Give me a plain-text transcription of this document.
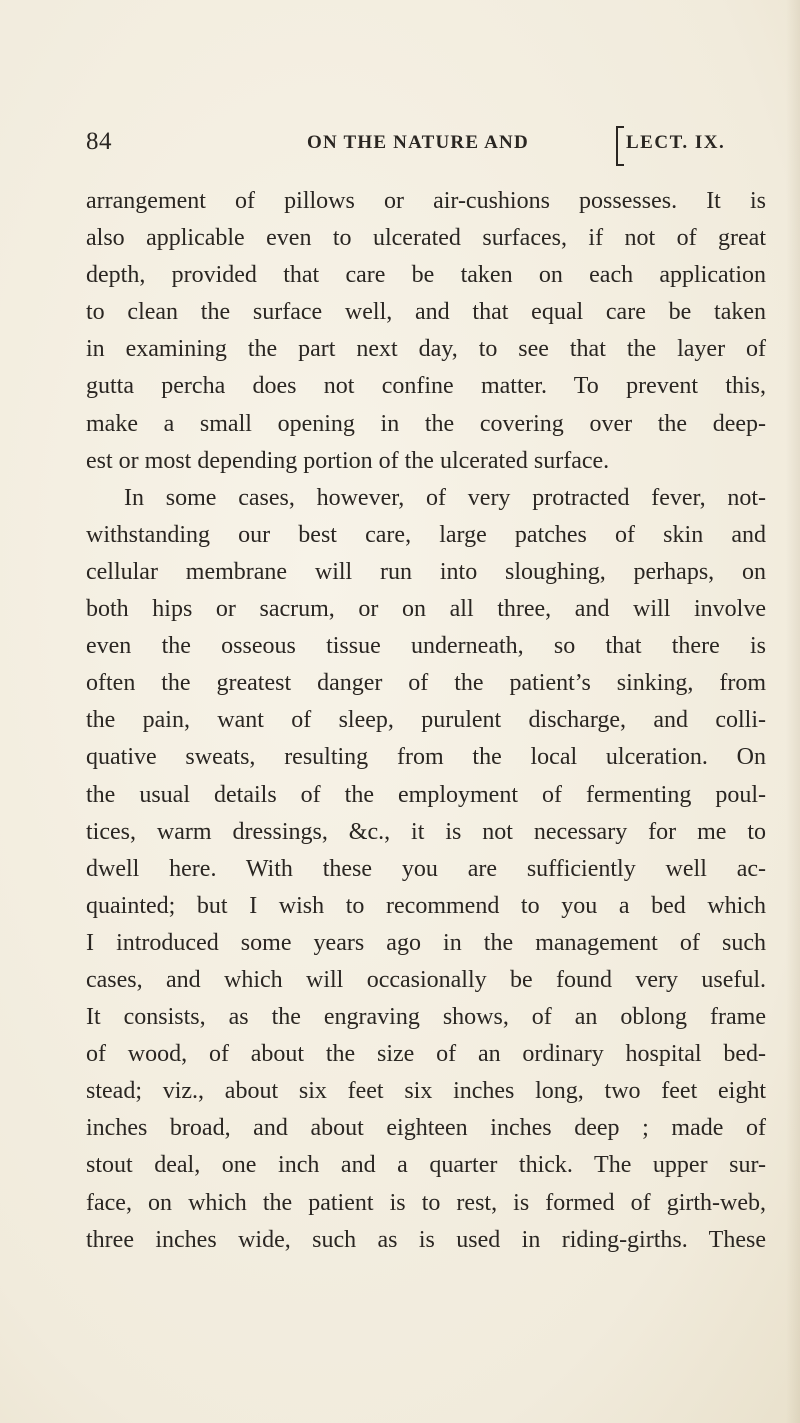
84	ON THE NATURE AND	LECT. IX.
arrangement of pillows or air-cushions possesses. It is
also applicable even to ulcerated surfaces, if not of great
depth, provided that care be taken on each application
to clean the surface well, and that equal care be taken
in examining the part next day, to see that the layer of
gutta percha does not confine matter. To prevent this,
make a small opening in the covering over the deep-
est or most depending portion of the ulcerated surface.
In some cases, however, of very protracted fever, not-
withstanding our best care, large patches of skin and
cellular membrane will run into sloughing, perhaps, on
both hips or sacrum, or on all three, and will involve
even the osseous tissue underneath, so that there is
often the greatest danger of the patient’s sinking, from
the pain, want of sleep, purulent discharge, and colli-
quative sweats, resulting from the local ulceration. On
the usual details of the employment of fermenting poul-
tices, warm dressings, &c., it is not necessary for me to
dwell here. With these you are sufficiently well ac-
quainted; but I wish to recommend to you a bed which
I introduced some years ago in the management of such
cases, and which will occasionally be found very useful.
It consists, as the engraving shows, of an oblong frame
of wood, of about the size of an ordinary hospital bed-
stead; viz., about six feet six inches long, two feet eight
inches broad, and about eighteen inches deep ; made of
stout deal, one inch and a quarter thick. The upper sur-
face, on which the patient is to rest, is formed of girth-web,
three inches wide, such as is used in riding-girths. These
